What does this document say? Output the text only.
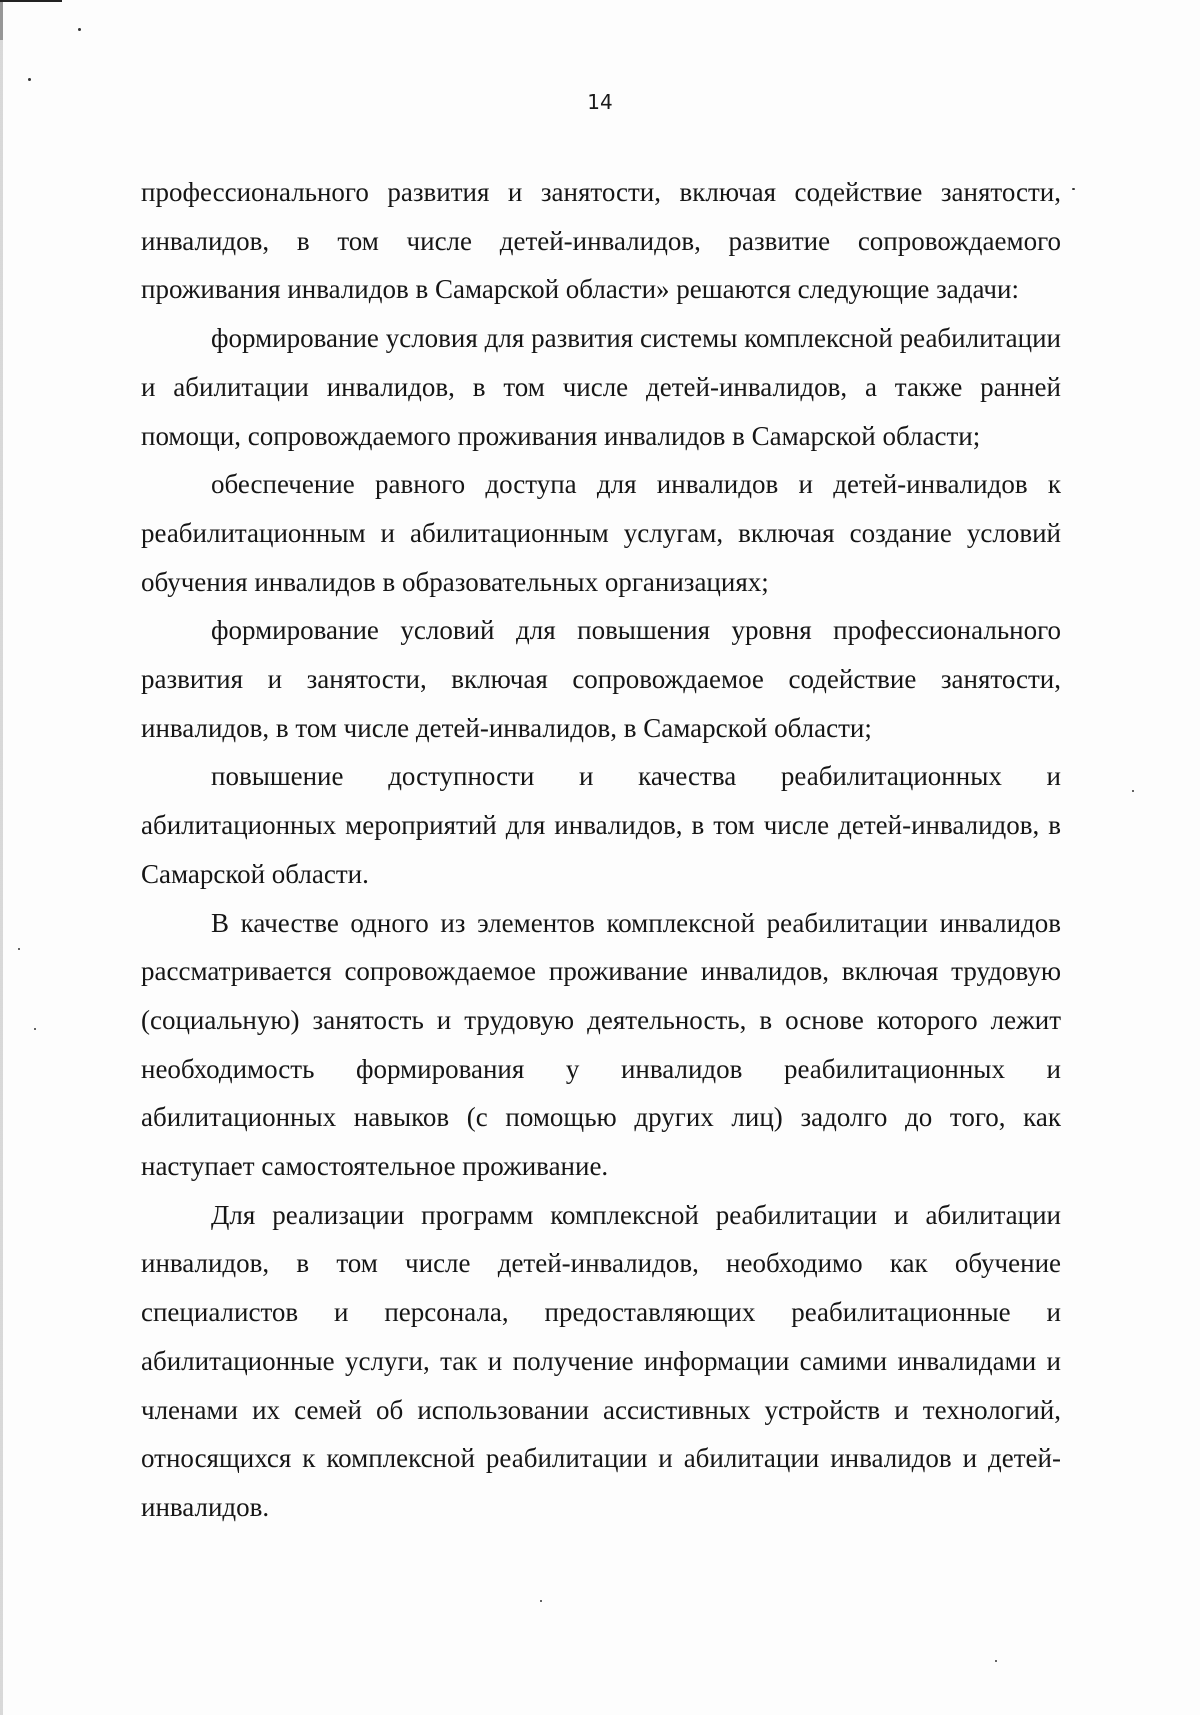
14

профессионального развития и занятости, включая содействие занятости, инвалидов, в том числе детей-инвалидов, развитие сопровождаемого проживания инвалидов в Самарской области» решаются следующие задачи:

формирование условия для развития системы комплексной реабилитации и абилитации инвалидов, в том числе детей-инвалидов, а также ранней помощи, сопровождаемого проживания инвалидов в Самарской области;

обеспечение равного доступа для инвалидов и детей-инвалидов к реабилитационным и абилитационным услугам, включая создание условий обучения инвалидов в образовательных организациях;

формирование условий для повышения уровня профессионального развития и занятости, включая сопровождаемое содействие занятости, инвалидов, в том числе детей-инвалидов, в Самарской области;

повышение доступности и качества реабилитационных и абилитационных мероприятий для инвалидов, в том числе детей-инвалидов, в Самарской области.

В качестве одного из элементов комплексной реабилитации инвалидов рассматривается сопровождаемое проживание инвалидов, включая трудовую (социальную) занятость и трудовую деятельность, в основе которого лежит необходимость формирования у инвалидов реабилитационных и абилитационных навыков (с помощью других лиц) задолго до того, как наступает самостоятельное проживание.

Для реализации программ комплексной реабилитации и абилитации инвалидов, в том числе детей-инвалидов, необходимо как обучение специалистов и персонала, предоставляющих реабилитационные и абилитационные услуги, так и получение информации самими инвалидами и членами их семей об использовании ассистивных устройств и технологий, относящихся к комплексной реабилитации и абилитации инвалидов и детей-инвалидов.
